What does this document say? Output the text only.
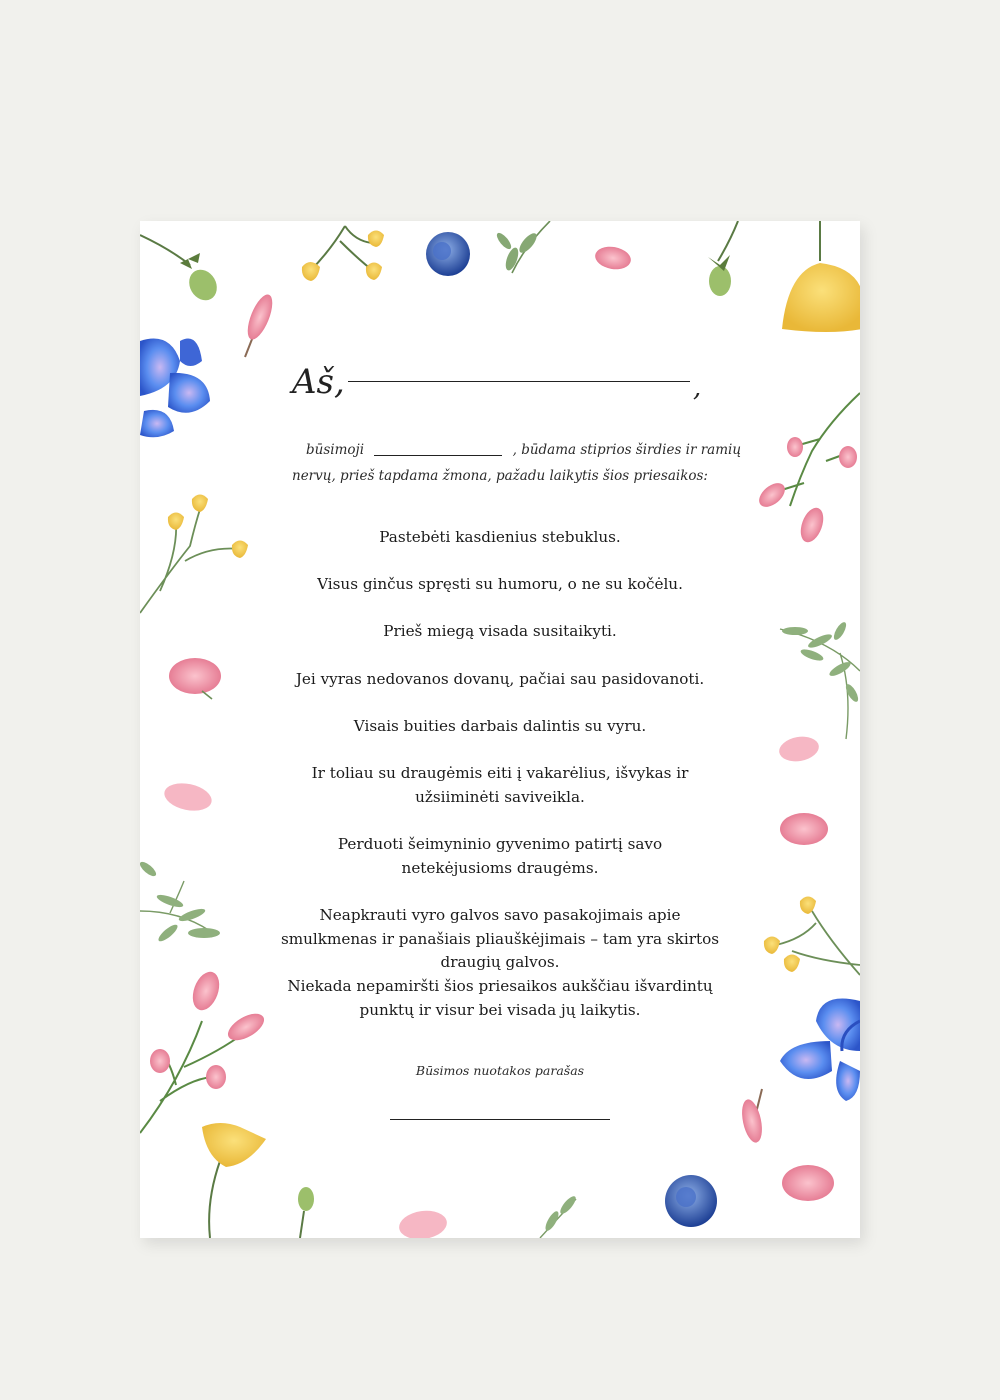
Aš,	,
būsimoji	, būdama stiprios širdies ir ramių
nervų, prieš tapdama žmona, pažadu laikytis šios priesaikos:
Pastebėti kasdienius stebuklus.
Visus ginčus spręsti su humoru, o ne su kočėlu.
Prieš miegą visada susitaikyti.
Jei vyras nedovanos dovanų, pačiai sau pasidovanoti.
Visais buities darbais dalintis su vyru.
Ir toliau su draugėmis eiti į vakarėlius, išvykas ir užsiiminėti saviveikla.
Perduoti šeimyninio gyvenimo patirtį savo netekėjusioms draugėms.
Neapkrauti vyro galvos savo pasakojimais apie smulkmenas ir panašiais pliauškėjimais – tam yra skirtos draugių galvos.
Niekada nepamiršti šios priesaikos aukščiau išvardintų punktų ir visur bei visada jų laikytis.
Būsimos nuotakos parašas
